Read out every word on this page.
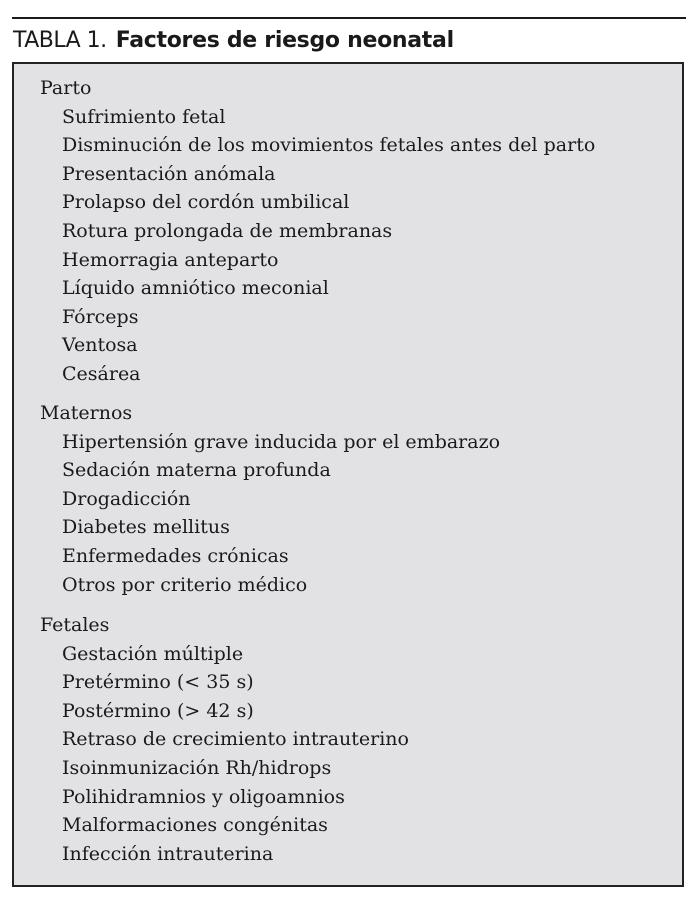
TABLA 1. Factores de riesgo neonatal
Parto
Sufrimiento fetal
Disminución de los movimientos fetales antes del parto
Presentación anómala
Prolapso del cordón umbilical
Rotura prolongada de membranas
Hemorragia anteparto
Líquido amniótico meconial
Fórceps
Ventosa
Cesárea
Maternos
Hipertensión grave inducida por el embarazo
Sedación materna profunda
Drogadicción
Diabetes mellitus
Enfermedades crónicas
Otros por criterio médico
Fetales
Gestación múltiple
Pretérmino (< 35 s)
Postérmino (> 42 s)
Retraso de crecimiento intrauterino
Isoinmunización Rh/hidrops
Polihidramnios y oligoamnios
Malformaciones congénitas
Infección intrauterina
